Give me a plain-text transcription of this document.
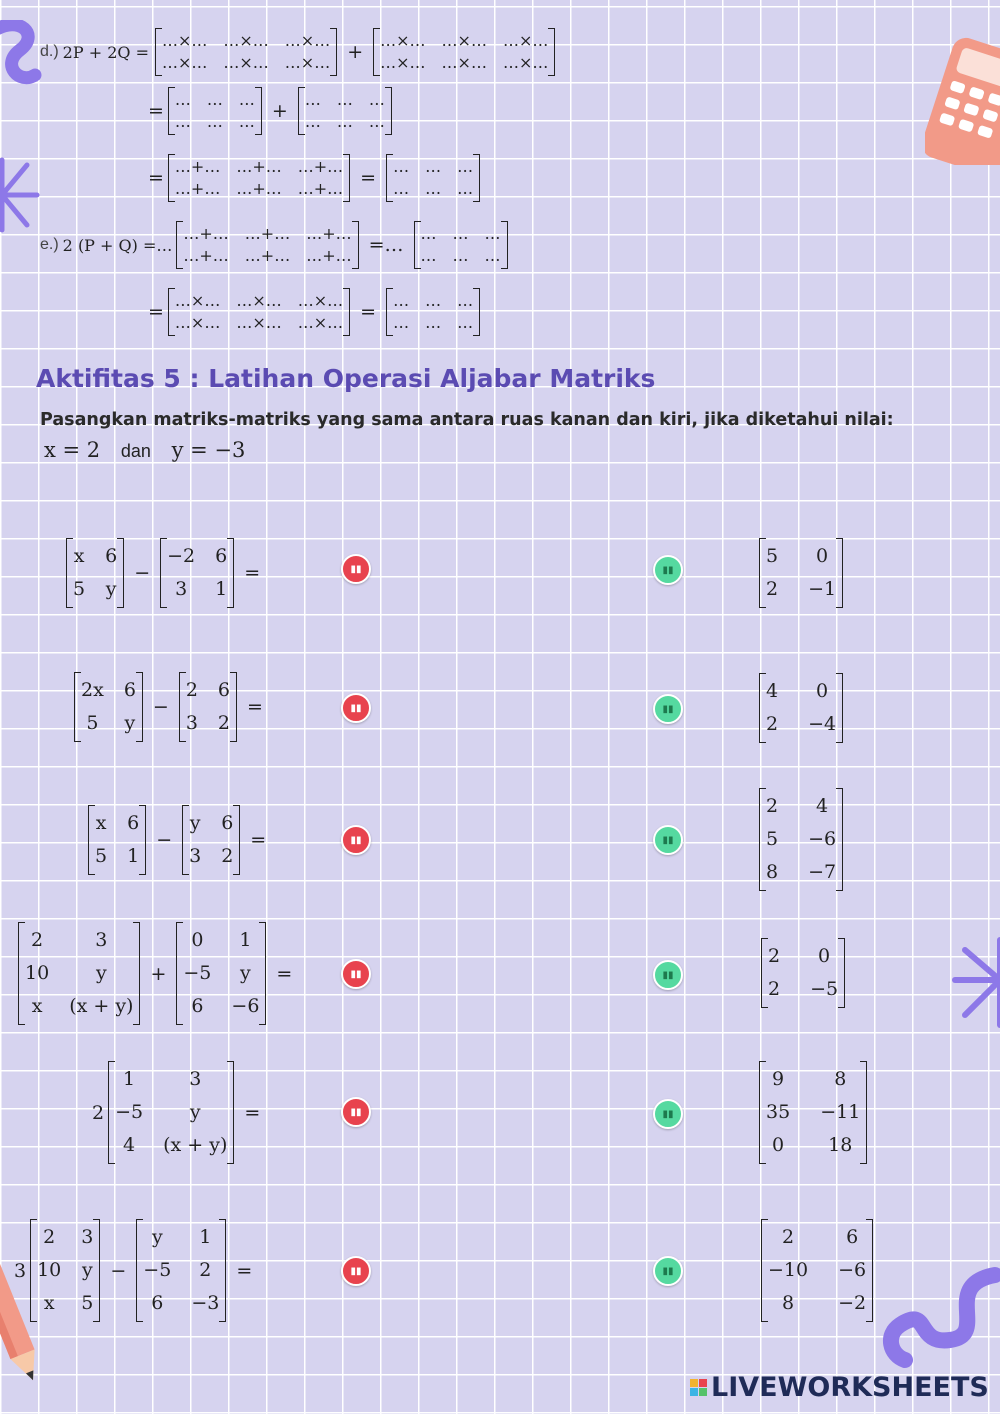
d.) 2P + 2Q =
…×… …×… …×…
…×… …×… …×… +
…×… …×… …×…
…×… …×… …×…
=
… … …
… … … +
… … …
… … …
=
…+… …+… …+…
…+… …+… …+… =
… … …
… … …
e.) 2 (P + Q) =…
…+… …+… …+…
…+… …+… …+… =…
… … …
… … …
=
…×… …×… …×…
…×… …×… …×… =
… … …
… … …
Aktifitas 5 : Latihan Operasi Aljabar Matriks
Pasangkan matriks-matriks yang sama antara ruas kanan dan kiri, jika diketahui nilai:
x = 2 dan y = −3
x 6
5 y
−
−2 6
3 1
=
2x 6
5 y
−
2 6
3 2
=
x 6
5 1
−
y 6
3 2
=
2	3
10 y
x (x + y)
+
0 1
−5 y
6 −6
=
2
1	3
−5 y
4 (x + y)
=
3
2 3
10 y
x 5
−
y 1
−5 2
6 −3
=
▮▮
▮▮
▮▮
▮▮
▮▮
▮▮
▮▮
▮▮
▮▮
▮▮
▮▮
▮▮
5 0
2 −1
4 0
2 −4
2 4
5 −6
8 −7
2 0
2 −5
9	8
35 −11
0 18
2	6
−10 −6
8 −2
LIVEWORKSHEETS
